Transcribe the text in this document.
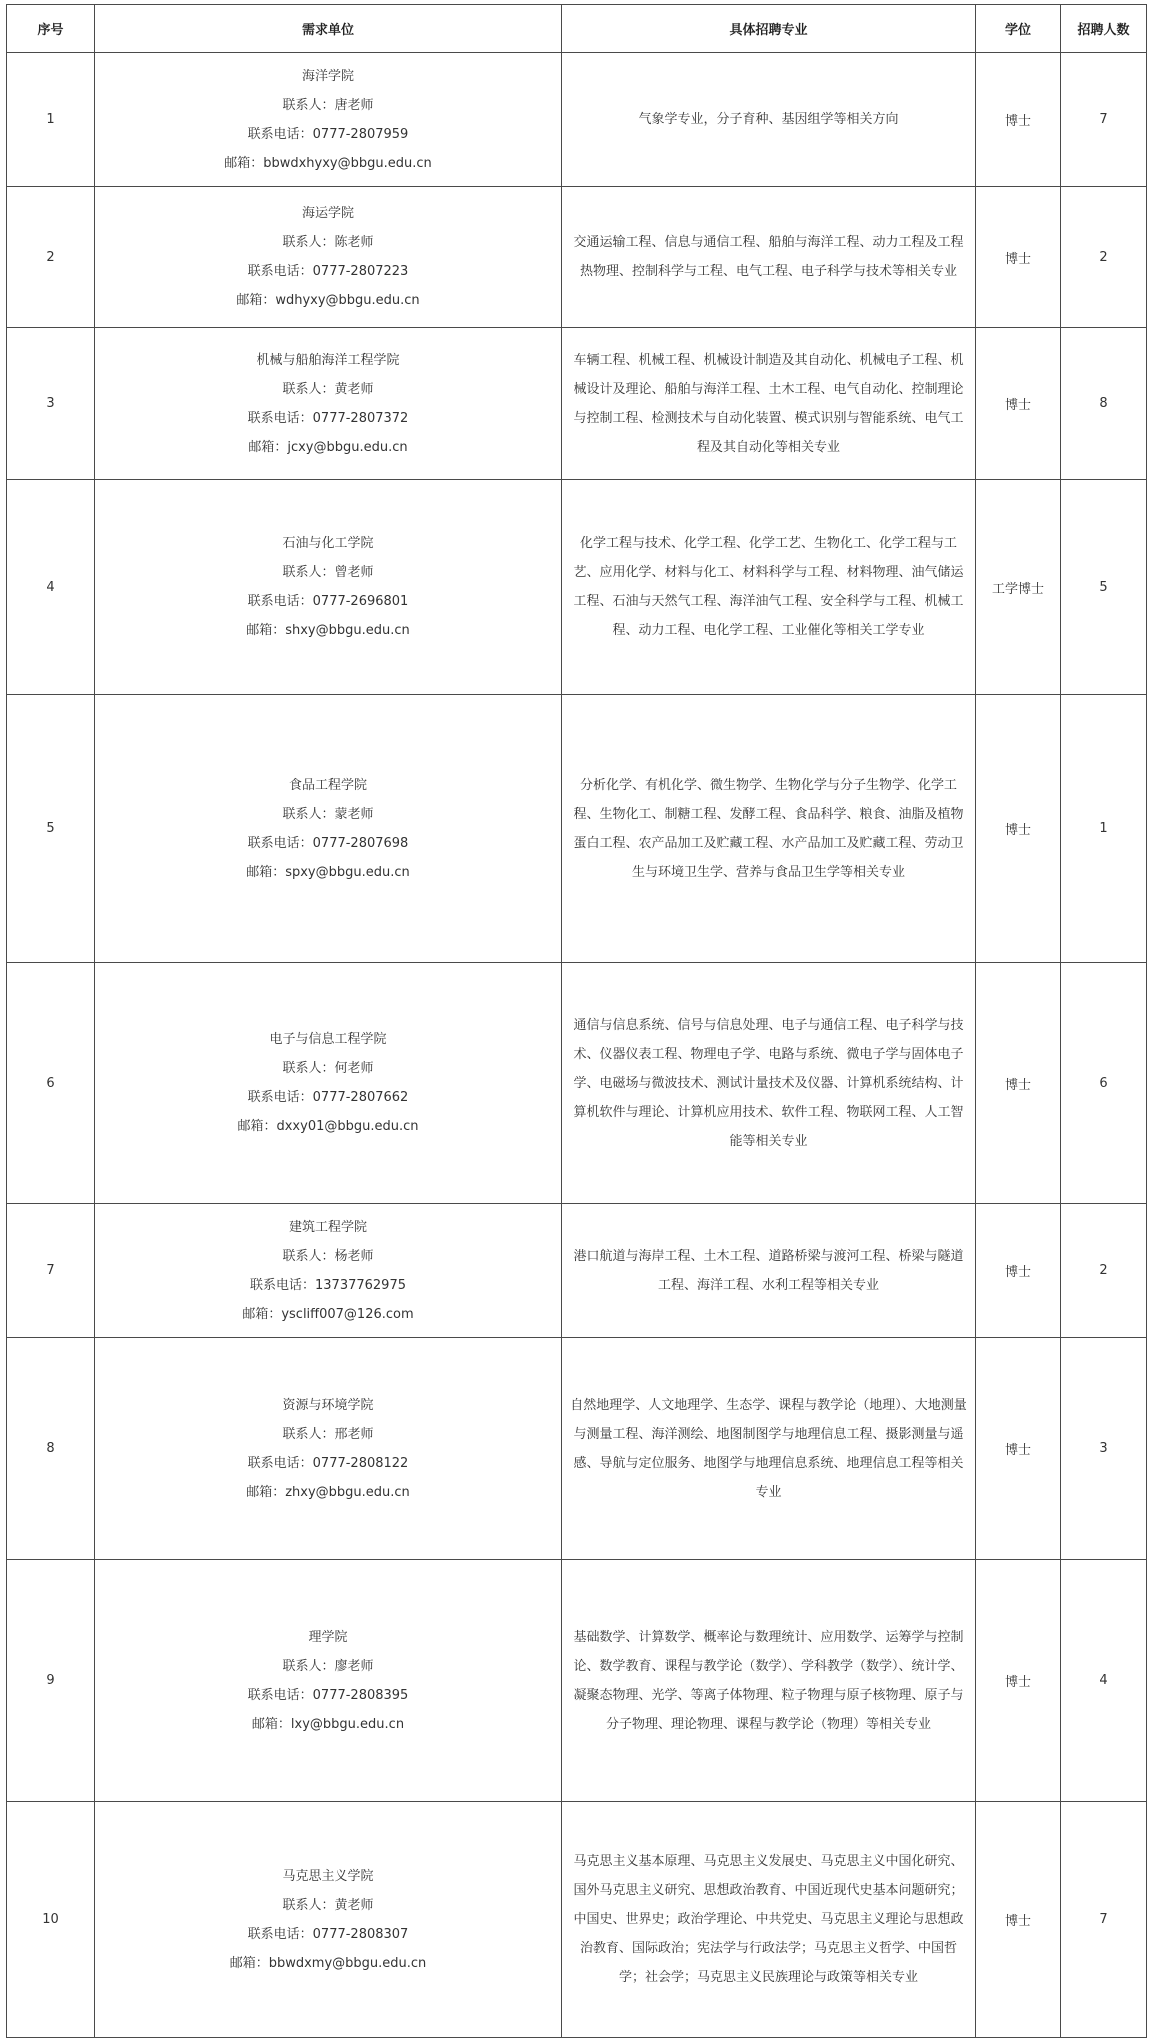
序号	需求单位	具体招聘专业	学位	招聘人数
1	海洋学院
联系人：唐老师
联系电话：0777-2807959
邮箱：bbwdxhyxy@bbgu.edu.cn	气象学专业，分子育种、基因组学等相关方向	博士	7
2	海运学院
联系人：陈老师
联系电话：0777-2807223
邮箱：wdhyxy@bbgu.edu.cn	交通运输工程、信息与通信工程、船舶与海洋工程、动力工程及工程热物理、控制科学与工程、电气工程、电子科学与技术等相关专业	博士	2
3	机械与船舶海洋工程学院
联系人：黄老师
联系电话：0777-2807372
邮箱：jcxy@bbgu.edu.cn	车辆工程、机械工程、机械设计制造及其自动化、机械电子工程、机械设计及理论、船舶与海洋工程、土木工程、电气自动化、控制理论与控制工程、检测技术与自动化装置、模式识别与智能系统、电气工程及其自动化等相关专业	博士	8
4	石油与化工学院
联系人：曾老师
联系电话：0777-2696801
邮箱：shxy@bbgu.edu.cn	化学工程与技术、化学工程、化学工艺、生物化工、化学工程与工艺、应用化学、材料与化工、材料科学与工程、材料物理、油气储运工程、石油与天然气工程、海洋油气工程、安全科学与工程、机械工程、动力工程、电化学工程、工业催化等相关工学专业	工学博士	5
5	食品工程学院
联系人：蒙老师
联系电话：0777-2807698
邮箱：spxy@bbgu.edu.cn	分析化学、有机化学、微生物学、生物化学与分子生物学、化学工程、生物化工、制糖工程、发酵工程、食品科学、粮食、油脂及植物蛋白工程、农产品加工及贮藏工程、水产品加工及贮藏工程、劳动卫生与环境卫生学、营养与食品卫生学等相关专业	博士	1
6	电子与信息工程学院
联系人：何老师
联系电话：0777-2807662
邮箱：dxxy01@bbgu.edu.cn	通信与信息系统、信号与信息处理、电子与通信工程、电子科学与技术、仪器仪表工程、物理电子学、电路与系统、微电子学与固体电子学、电磁场与微波技术、测试计量技术及仪器、计算机系统结构、计算机软件与理论、计算机应用技术、软件工程、物联网工程、人工智能等相关专业	博士	6
7	建筑工程学院
联系人：杨老师
联系电话：13737762975
邮箱：yscliff007@126.com	港口航道与海岸工程、土木工程、道路桥梁与渡河工程、桥梁与隧道工程、海洋工程、水利工程等相关专业	博士	2
8	资源与环境学院
联系人：邢老师
联系电话：0777-2808122
邮箱：zhxy@bbgu.edu.cn	自然地理学、人文地理学、生态学、课程与教学论（地理）、大地测量与测量工程、海洋测绘、地图制图学与地理信息工程、摄影测量与遥感、导航与定位服务、地图学与地理信息系统、地理信息工程等相关专业	博士	3
9	理学院
联系人：廖老师
联系电话：0777-2808395
邮箱：lxy@bbgu.edu.cn	基础数学、计算数学、概率论与数理统计、应用数学、运筹学与控制论、数学教育、课程与教学论（数学）、学科教学（数学）、统计学、凝聚态物理、光学、等离子体物理、粒子物理与原子核物理、原子与分子物理、理论物理、课程与教学论（物理）等相关专业	博士	4
10	马克思主义学院
联系人：黄老师
联系电话：0777-2808307
邮箱：bbwdxmy@bbgu.edu.cn	马克思主义基本原理、马克思主义发展史、马克思主义中国化研究、国外马克思主义研究、思想政治教育、中国近现代史基本问题研究；中国史、世界史；政治学理论、中共党史、马克思主义理论与思想政治教育、国际政治；宪法学与行政法学；马克思主义哲学、中国哲学；社会学；马克思主义民族理论与政策等相关专业	博士	7
